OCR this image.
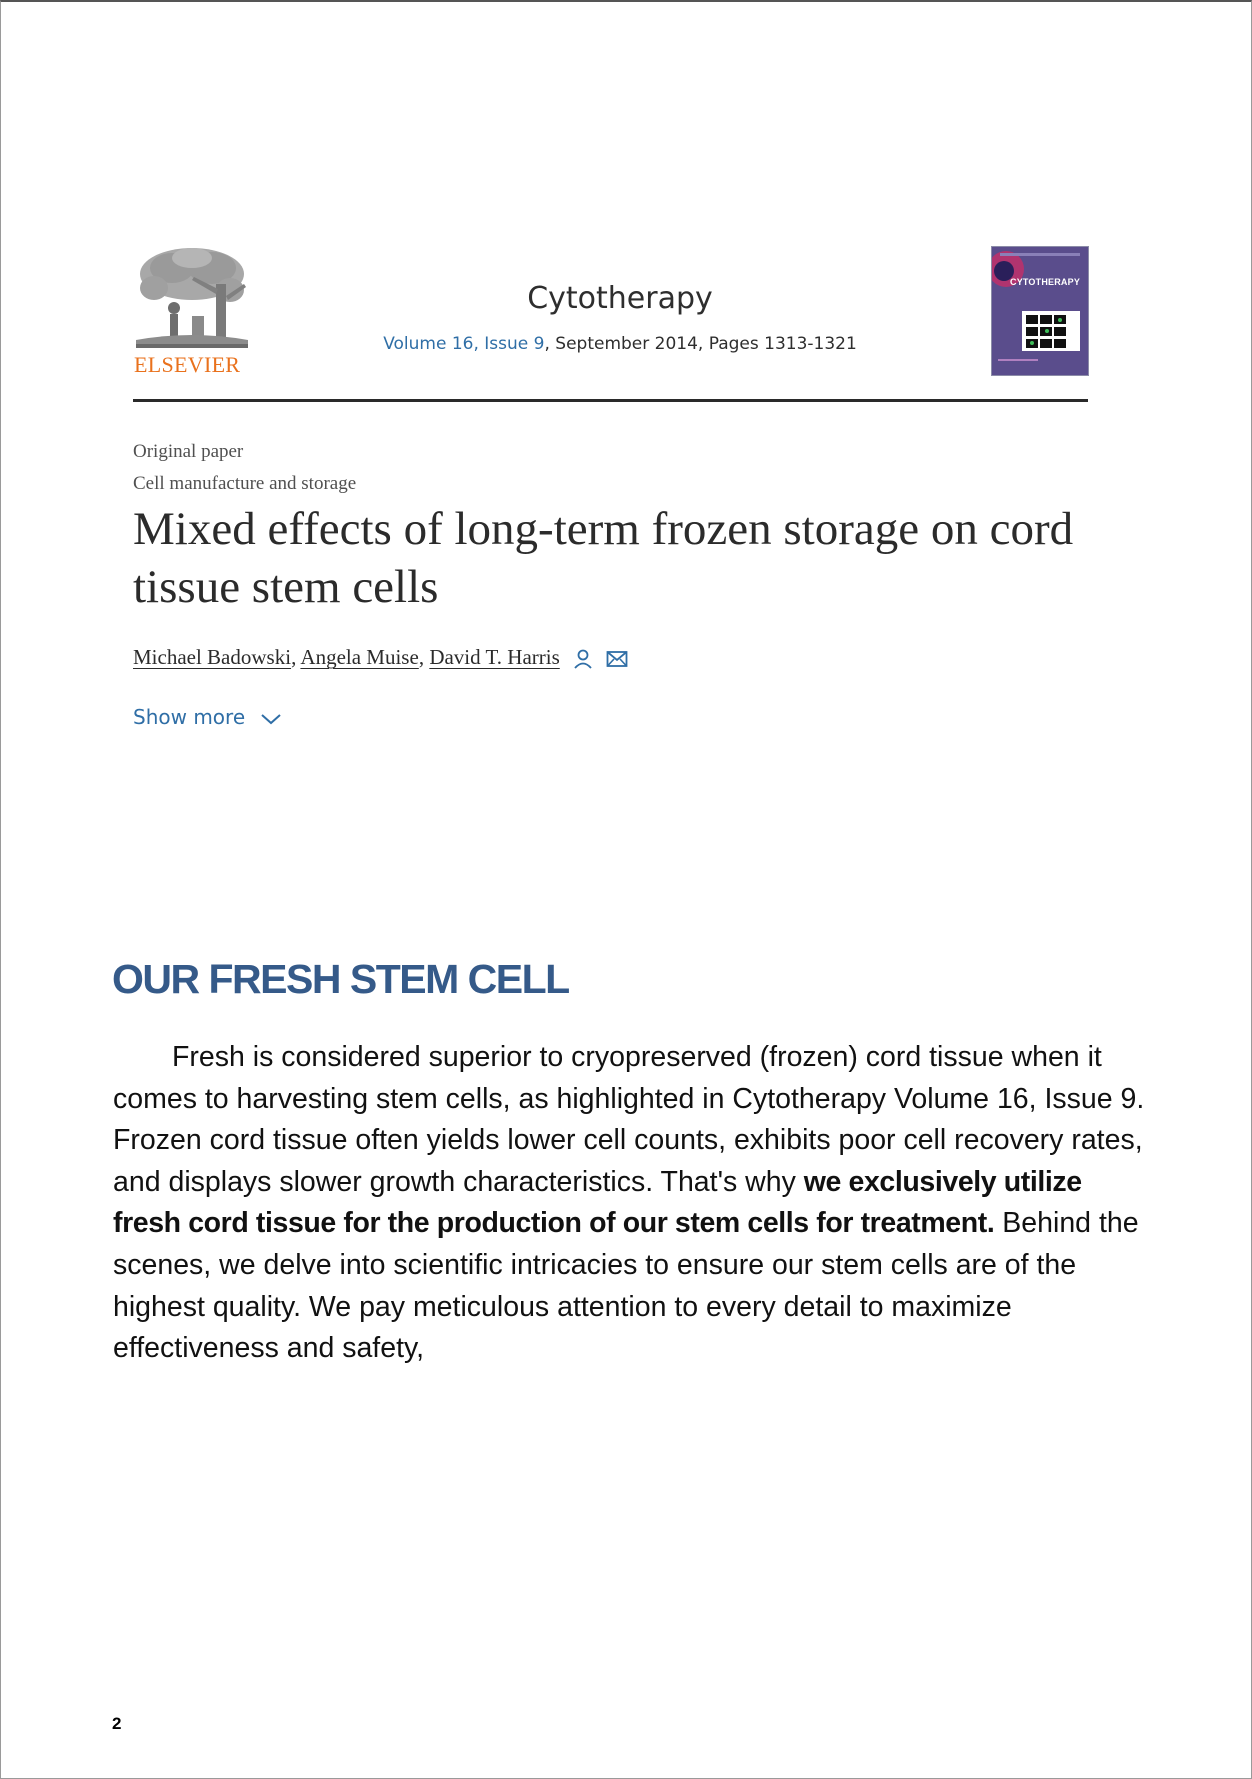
ELSEVIER
Cytotherapy
Volume 16, Issue 9, September 2014, Pages 1313-1321
CYTOTHERAPY
Original paper
Cell manufacture and storage
Mixed effects of long-term frozen storage on cord tissue stem cells
Michael Badowski, Angela Muise, David T. Harris
Show more
OUR FRESH STEM CELL

Fresh is considered superior to cryopreserved (frozen) cord tissue when it comes to harvesting stem cells, as highlighted in Cytotherapy Volume 16, Issue 9. Frozen cord tissue often yields lower cell counts, exhibits poor cell recovery rates, and displays slower growth characteristics. That's why we exclusively utilize fresh cord tissue for the production of our stem cells for treatment. Behind the scenes, we delve into scientific intricacies to ensure our stem cells are of the highest quality. We pay meticulous attention to every detail to maximize effectiveness and safety,

2
